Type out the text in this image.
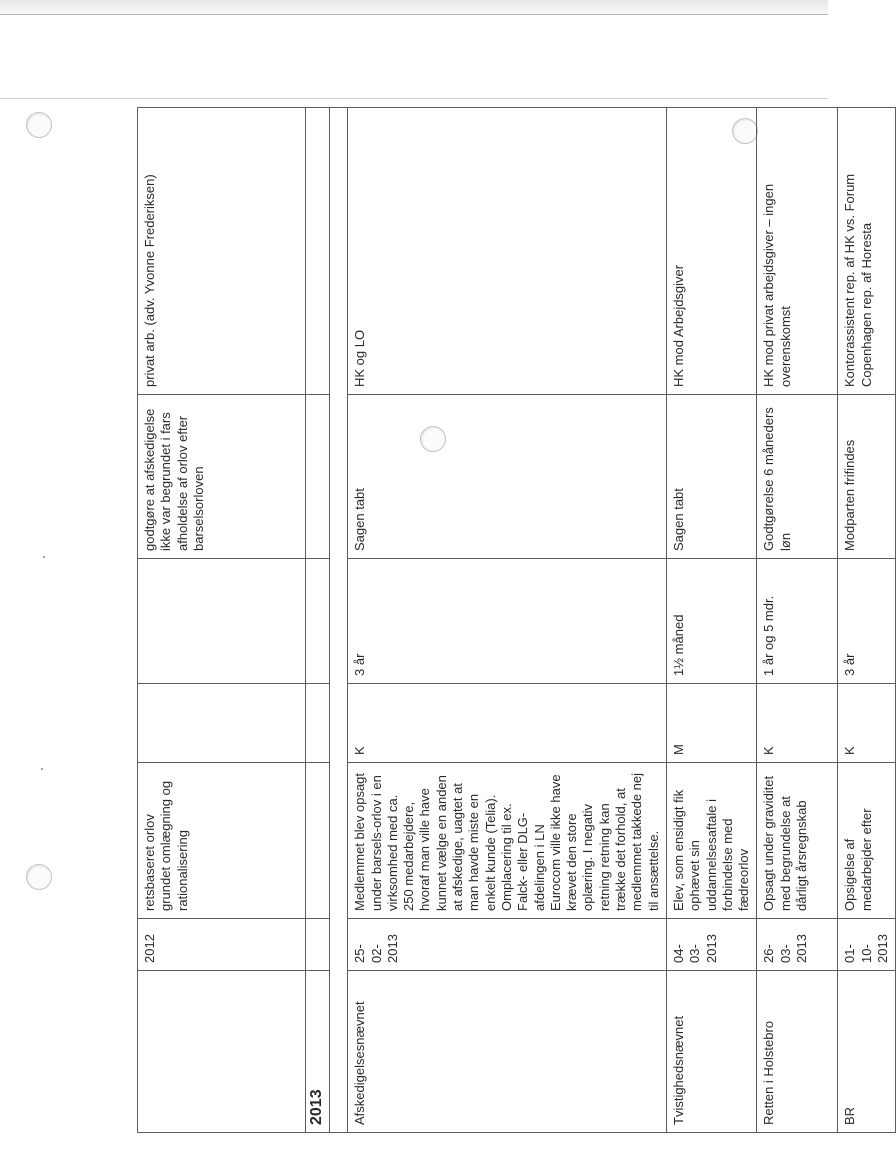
	2012	retsbaseret orlov grundet omlægning og rationalisering			godtgøre at afskedigelse ikke var begrundet i fars afholdelse af orlov efter barselsorloven	privat arb. (adv. Yvonne Frederiksen)
2013						

Afskedigelsesnævnet	25-02-2013	Medlemmet blev opsagt under barsels-orlov i en virksomhed med ca. 250 medarbejdere, hvoraf man ville have kunnet vælge en anden at afskedige, uagtet at man havde miste en enkelt kunde (Telia). Omplacering til ex. Falck- eller DLG-afdelingen i LN Eurocom ville ikke have krævet den store oplæring. I negativ retning retning kan trække det forhold, at medlemmet takkede nej til ansættelse.	K	3 år	Sagen tabt	HK og LO
Tvistighedsnævnet	04-03-2013	Elev, som ensidigt fik ophævet sin uddannelsesaftale i forbindelse med fædreorlov	M	1½ måned	Sagen tabt	HK mod Arbejdsgiver
Retten i Holstebro	26-03-2013	Opsagt under graviditet med begrundelse at dårligt årsregnskab	K	1 år og 5 mdr.	Godtgørelse 6 måneders løn	HK mod privat arbejdsgiver – ingen overenskomst
BR	01-10-2013	Opsigelse af medarbejder efter	K	3 år	Modparten frifindes	Kontorassistent rep. af HK vs. Forum Copenhagen rep. af Horesta
